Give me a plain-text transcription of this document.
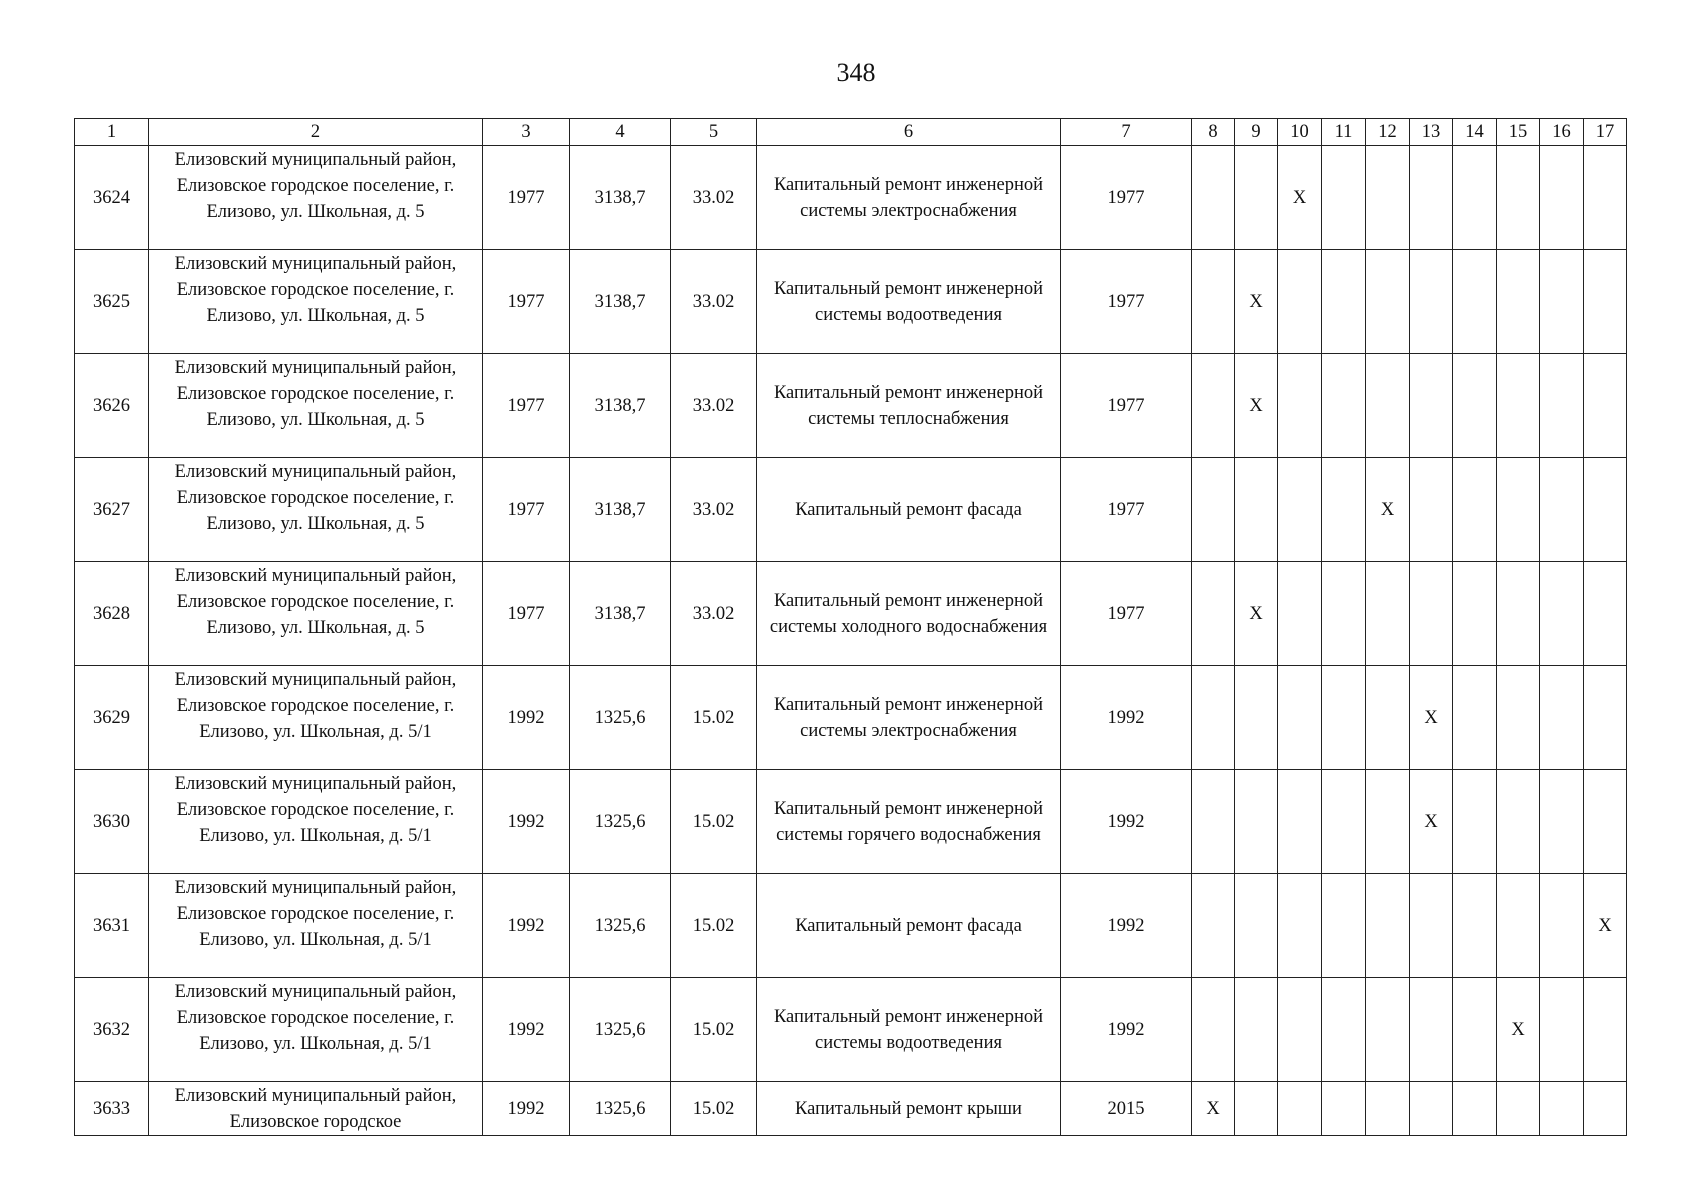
348
1	2	3	4	5	6	7	8	9	10	11	12	13	14	15	16	17
3624	Елизовский муниципальный район, Елизовское городское поселение, г. Елизово, ул. Школьная, д. 5	1977	3138,7	33.02	Капитальный ремонт инженерной системы электроснабжения	1977			X							
3625	Елизовский муниципальный район, Елизовское городское поселение, г. Елизово, ул. Школьная, д. 5	1977	3138,7	33.02	Капитальный ремонт инженерной системы водоотведения	1977		X								
3626	Елизовский муниципальный район, Елизовское городское поселение, г. Елизово, ул. Школьная, д. 5	1977	3138,7	33.02	Капитальный ремонт инженерной системы теплоснабжения	1977		X								
3627	Елизовский муниципальный район, Елизовское городское поселение, г. Елизово, ул. Школьная, д. 5	1977	3138,7	33.02	Капитальный ремонт фасада	1977					X					
3628	Елизовский муниципальный район, Елизовское городское поселение, г. Елизово, ул. Школьная, д. 5	1977	3138,7	33.02	Капитальный ремонт инженерной системы холодного водоснабжения	1977		X								
3629	Елизовский муниципальный район, Елизовское городское поселение, г. Елизово, ул. Школьная, д. 5/1	1992	1325,6	15.02	Капитальный ремонт инженерной системы электроснабжения	1992						X				
3630	Елизовский муниципальный район, Елизовское городское поселение, г. Елизово, ул. Школьная, д. 5/1	1992	1325,6	15.02	Капитальный ремонт инженерной системы горячего водоснабжения	1992						X				
3631	Елизовский муниципальный район, Елизовское городское поселение, г. Елизово, ул. Школьная, д. 5/1	1992	1325,6	15.02	Капитальный ремонт фасада	1992										X
3632	Елизовский муниципальный район, Елизовское городское поселение, г. Елизово, ул. Школьная, д. 5/1	1992	1325,6	15.02	Капитальный ремонт инженерной системы водоотведения	1992								X		
3633	Елизовский муниципальный район, Елизовское городское	1992	1325,6	15.02	Капитальный ремонт крыши	2015	X									
